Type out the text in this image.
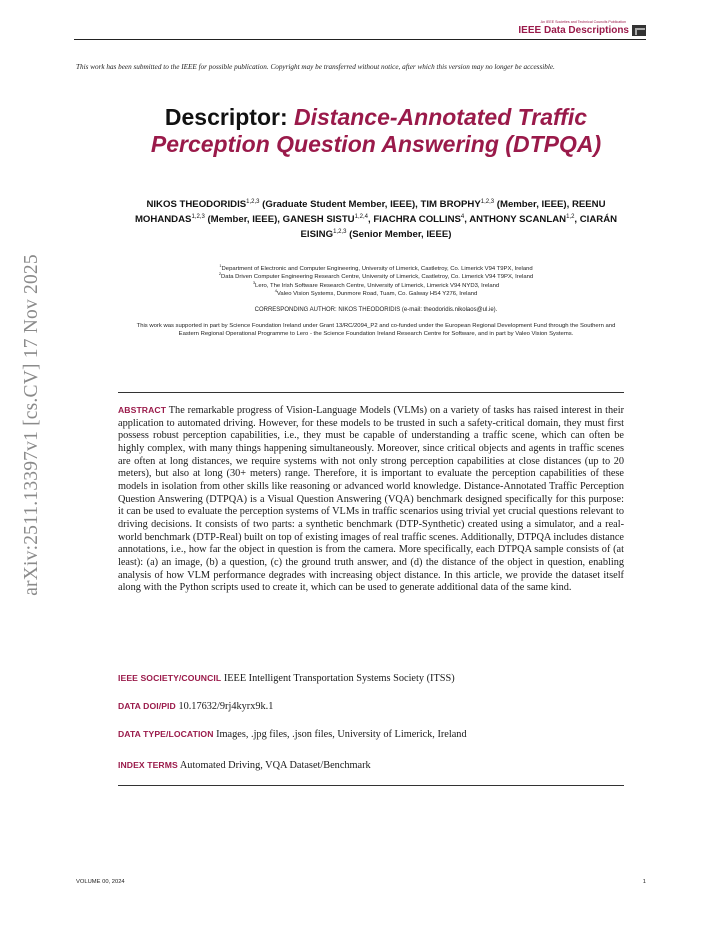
An IEEE Societies and Technical Councils Publication
IEEE Data Descriptions
This work has been submitted to the IEEE for possible publication. Copyright may be transferred without notice, after which this version may no longer be accessible.
arXiv:2511.13397v1 [cs.CV] 17 Nov 2025
Descriptor: Distance-Annotated Traffic Perception Question Answering (DTPQA)
NIKOS THEODORIDIS$^{1,2,3}$ (Graduate Student Member, IEEE), TIM BROPHY$^{1,2,3}$ (Member, IEEE), REENU MOHANDAS$^{1,2,3}$ (Member, IEEE), GANESH SISTU$^{1,2,4}$, FIACHRA COLLINS$^4$, ANTHONY SCANLAN$^{1,2}$, CIARÁN EISING$^{1,2,3}$ (Senior Member, IEEE)
$^1$Department of Electronic and Computer Engineering, University of Limerick, Castletroy, Co. Limerick V94 T9PX, Ireland
$^2$Data Driven Computer Engineering Research Centre, University of Limerick, Castletroy, Co. Limerick V94 T9PX, Ireland
$^3$Lero, The Irish Software Research Centre, University of Limerick, Limerick V94 NYD3, Ireland
$^4$Valeo Vision Systems, Dunmore Road, Tuam, Co. Galway H54 Y276, Ireland
CORRESPONDING AUTHOR: NIKOS THEODORIDIS (e-mail: theodoridis.nikolaos@ul.ie).
This work was supported in part by Science Foundation Ireland under Grant 13/RC/2094_P2 and co-funded under the European Regional Development Fund through the Southern and Eastern Regional Operational Programme to Lero - the Science Foundation Ireland Research Centre for Software, and in part by Valeo Vision Systems.
ABSTRACT The remarkable progress of Vision-Language Models (VLMs) on a variety of tasks has raised interest in their application to automated driving. However, for these models to be trusted in such a safety-critical domain, they must first possess robust perception capabilities, i.e., they must be capable of understanding a traffic scene, which can often be highly complex, with many things happening simultaneously. Moreover, since critical objects and agents in traffic scenes are often at long distances, we require systems with not only strong perception capabilities at close distances (up to 20 meters), but also at long (30+ meters) range. Therefore, it is important to evaluate the perception capabilities of these models in isolation from other skills like reasoning or advanced world knowledge. Distance-Annotated Traffic Perception Question Answering (DTPQA) is a Visual Question Answering (VQA) benchmark designed specifically for this purpose: it can be used to evaluate the perception systems of VLMs in traffic scenarios using trivial yet crucial questions relevant to driving decisions. It consists of two parts: a synthetic benchmark (DTP-Synthetic) created using a simulator, and a real-world benchmark (DTP-Real) built on top of existing images of real traffic scenes. Additionally, DTPQA includes distance annotations, i.e., how far the object in question is from the camera. More specifically, each DTPQA sample consists of (at least): (a) an image, (b) a question, (c) the ground truth answer, and (d) the distance of the object in question, enabling analysis of how VLM performance degrades with increasing object distance. In this article, we provide the dataset itself along with the Python scripts used to create it, which can be used to generate additional data of the same kind.
IEEE SOCIETY/COUNCIL IEEE Intelligent Transportation Systems Society (ITSS)
DATA DOI/PID 10.17632/9rj4kyrx9k.1
DATA TYPE/LOCATION Images, .jpg files, .json files, University of Limerick, Ireland
INDEX TERMS Automated Driving, VQA Dataset/Benchmark
VOLUME 00, 2024	1
